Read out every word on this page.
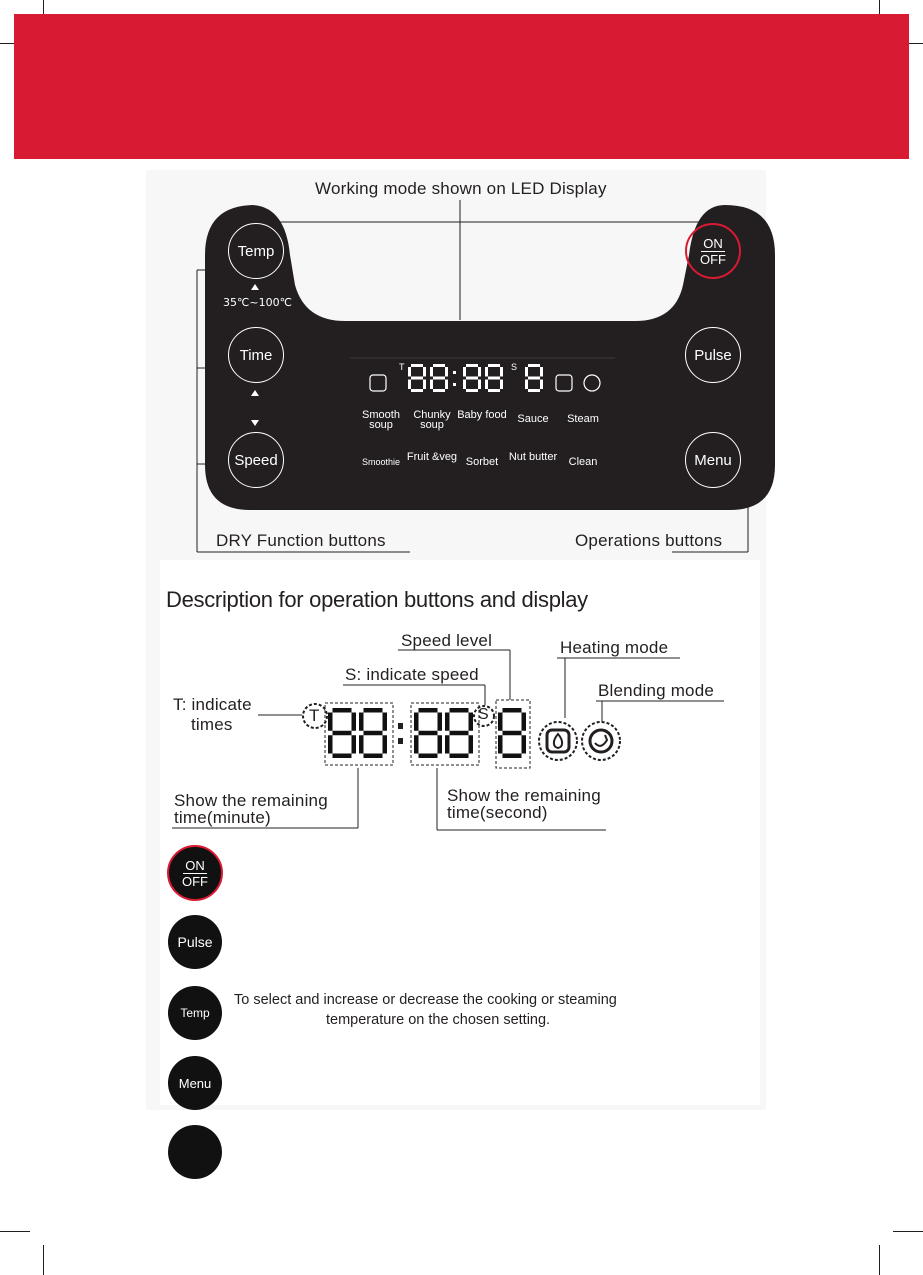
Working mode shown on LED Display
Temp
35℃~100℃
Time
Speed
ON
OFF
Pulse
Menu
T	S
Smooth soup
Chunky soup
Baby food Sauce	Steam
Smoothie Fruit &veg Sorbet Nut butter	Clean
DRY Function buttons	Operations buttons
Description for operation buttons and display
Speed level	Heating mode
S: indicate speed
Blending mode
T: indicate
times	T	S
Show the remaining
time(minute)
Show the remaining
time(second)
ON
OFF
Pulse
Temp
To select and increase or decrease the cooking or steaming
temperature on the chosen setting.
Menu
